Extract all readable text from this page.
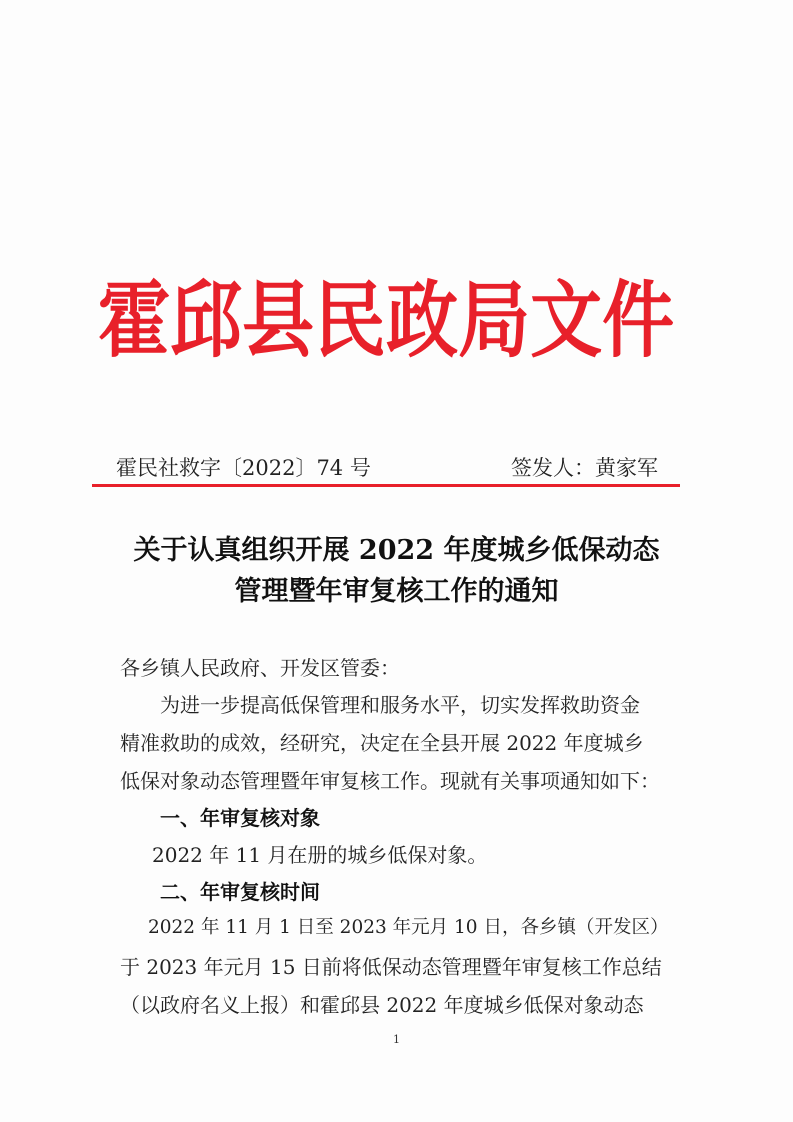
霍 邱 县 民 政 局 文 件
霍民社救字〔2022〕74 号	签发人：黄家军
关于认真组织开展 2022 年度城乡低保动态
管理暨年审复核工作的通知
各乡镇人民政府、开发区管委：
为进一步提高低保管理和服务水平，切实发挥救助资金
精准救助的成效，经研究，决定在全县开展 2022 年度城乡
低保对象动态管理暨年审复核工作。现就有关事项通知如下：
一、年审复核对象
2022 年 11 月在册的城乡低保对象。
二、年审复核时间
2022 年 11 月 1 日至 2023 年元月 10 日，各乡镇（开发区）
于 2023 年元月 15 日前将低保动态管理暨年审复核工作总结
（以政府名义上报）和霍邱县 2022 年度城乡低保对象动态
1
